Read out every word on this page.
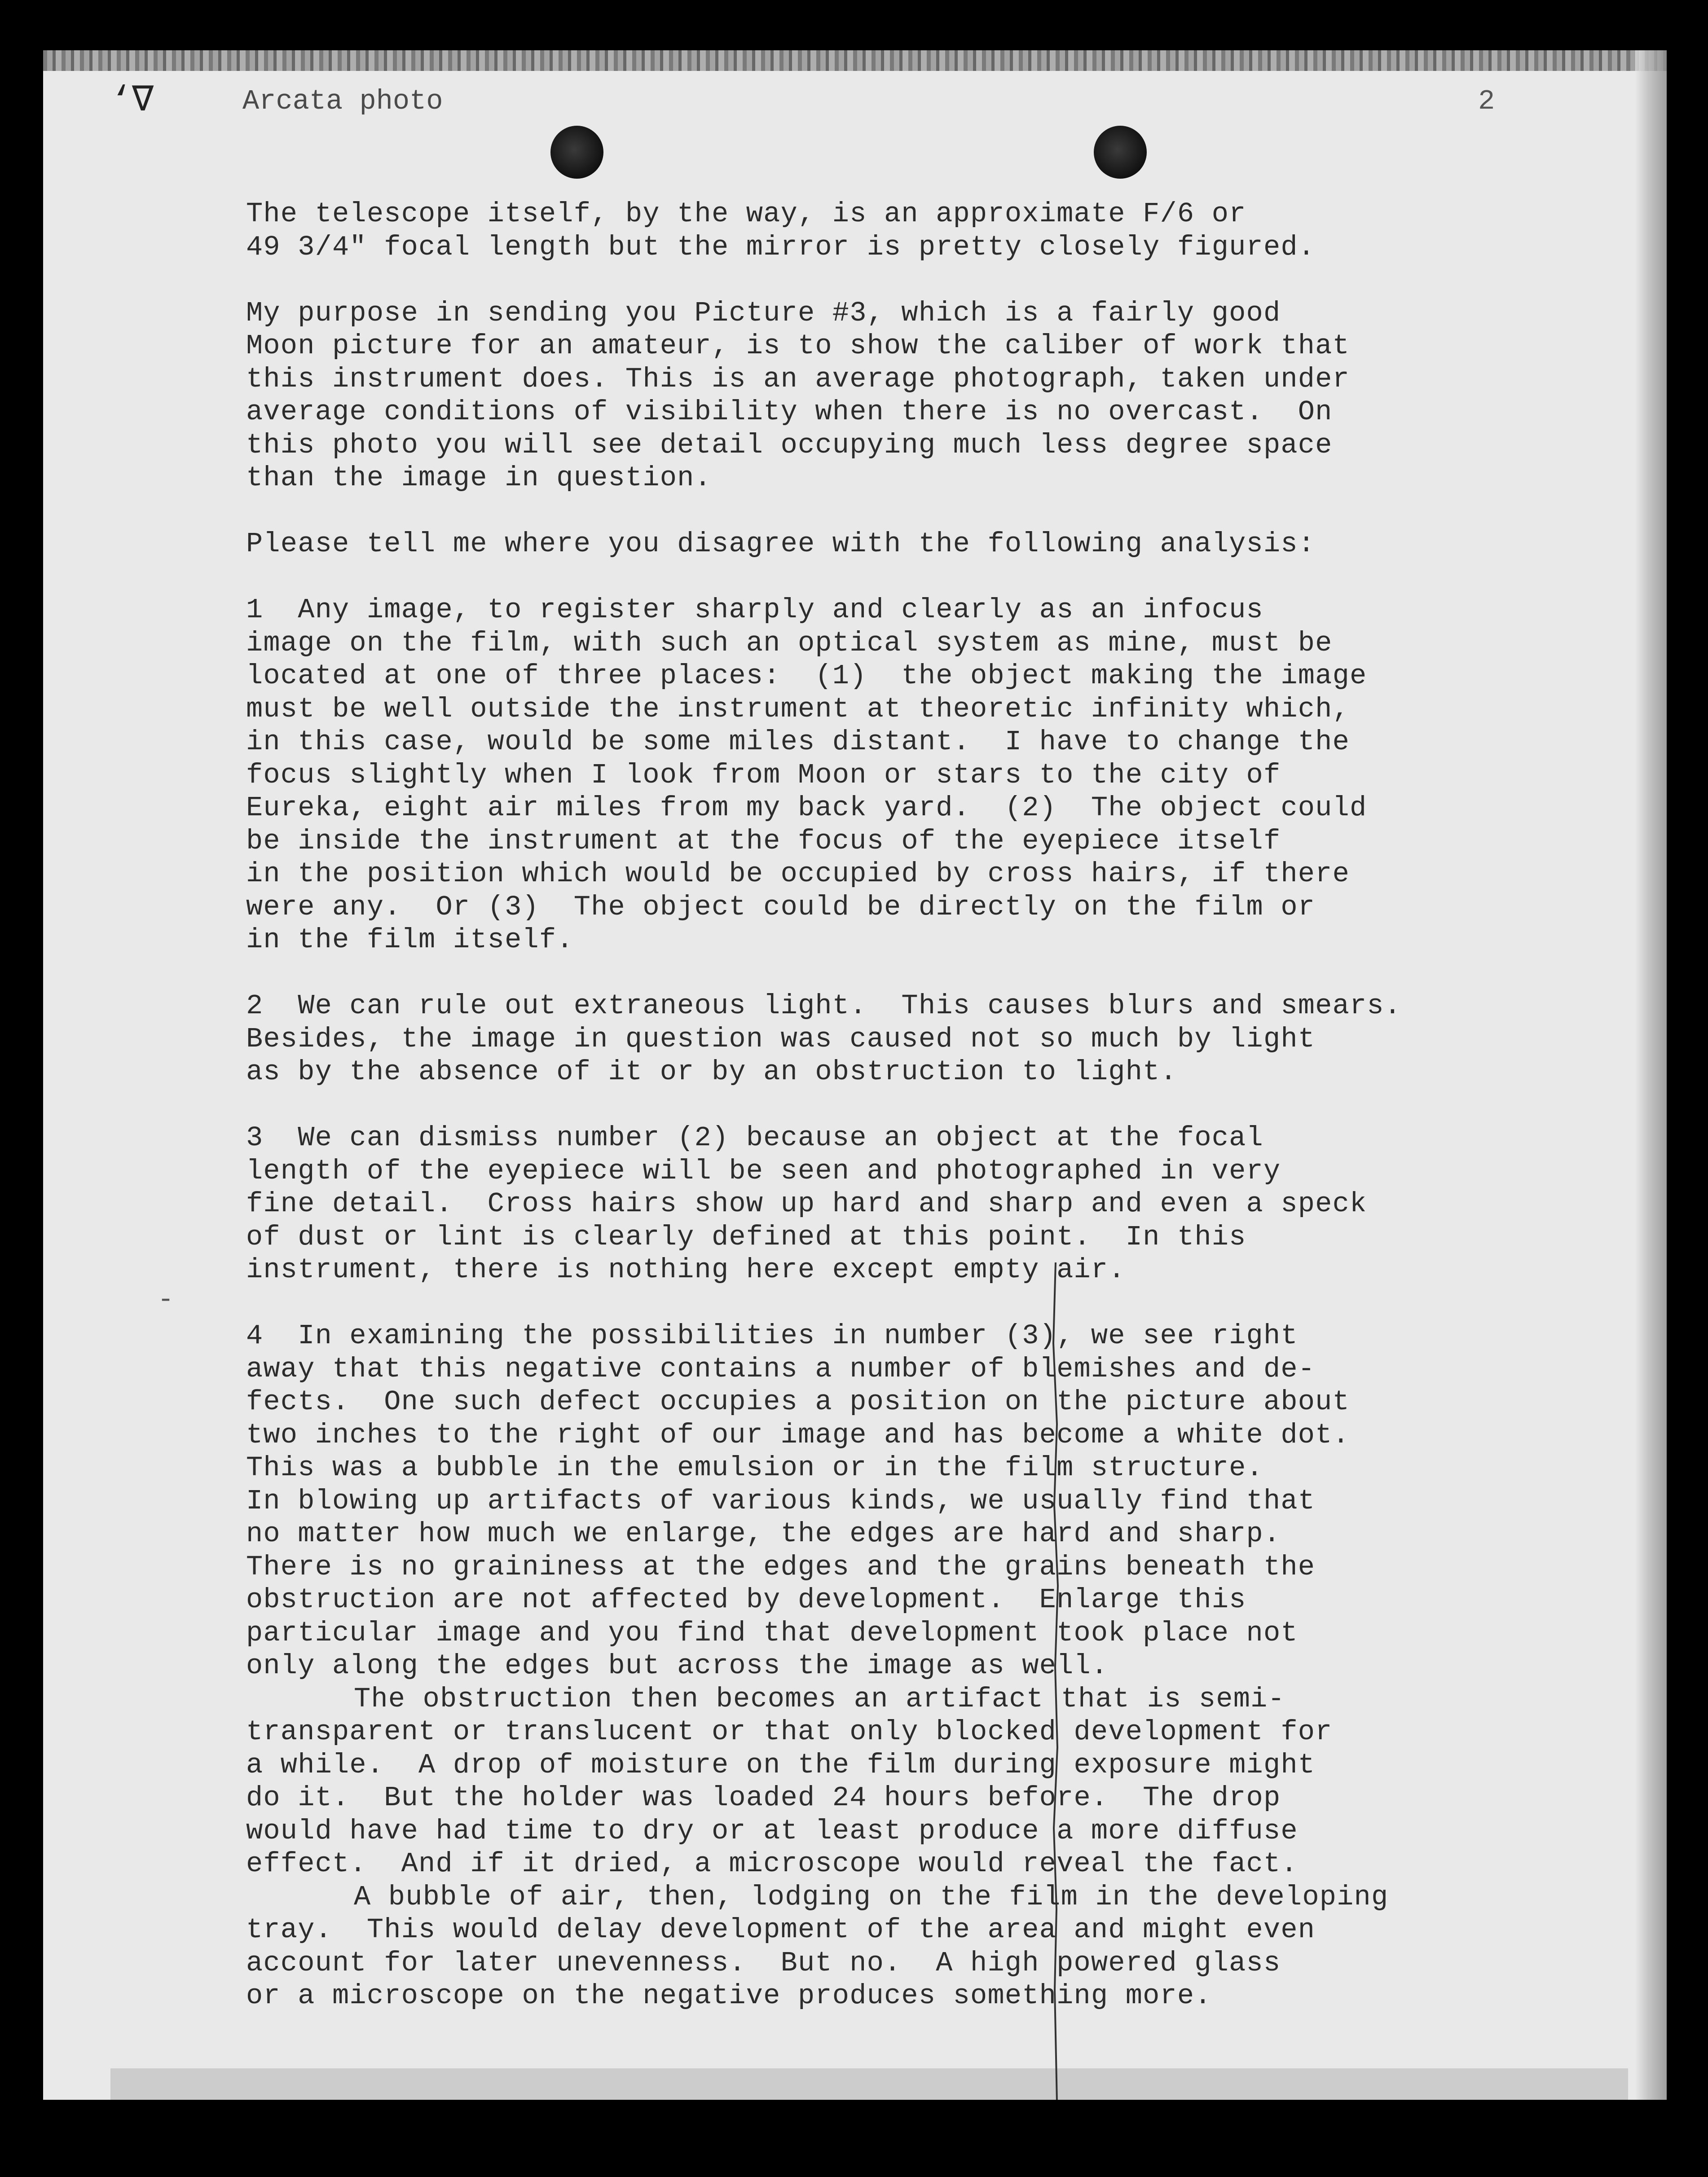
‘∇
-
Arcata photo	2
The telescope itself, by the way, is an approximate F/6 or
49 3/4" focal length but the mirror is pretty closely figured.
My purpose in sending you Picture #3, which is a fairly good
Moon picture for an amateur, is to show the caliber of work that
this instrument does. This is an average photograph, taken under
average conditions of visibility when there is no overcast.  On
this photo you will see detail occupying much less degree space
than the image in question.
Please tell me where you disagree with the following analysis:
1  Any image, to register sharply and clearly as an infocus
image on the film, with such an optical system as mine, must be
located at one of three places:  (1)  the object making the image
must be well outside the instrument at theoretic infinity which,
in this case, would be some miles distant.  I have to change the
focus slightly when I look from Moon or stars to the city of
Eureka, eight air miles from my back yard.  (2)  The object could
be inside the instrument at the focus of the eyepiece itself
in the position which would be occupied by cross hairs, if there
were any.  Or (3)  The object could be directly on the film or
in the film itself.
2  We can rule out extraneous light.  This causes blurs and smears.
Besides, the image in question was caused not so much by light
as by the absence of it or by an obstruction to light.
3  We can dismiss number (2) because an object at the focal
length of the eyepiece will be seen and photographed in very
fine detail.  Cross hairs show up hard and sharp and even a speck
of dust or lint is clearly defined at this point.  In this
instrument, there is nothing here except empty air.
4  In examining the possibilities in number (3), we see right
away that this negative contains a number of blemishes and de-
fects.  One such defect occupies a position on the picture about
two inches to the right of our image and has become a white dot.
This was a bubble in the emulsion or in the film structure.
In blowing up artifacts of various kinds, we usually find that
no matter how much we enlarge, the edges are hard and sharp.
There is no graininess at the edges and the grains beneath the
obstruction are not affected by development.  Enlarge this
particular image and you find that development took place not
only along the edges but across the image as well.
The obstruction then becomes an artifact that is semi-
transparent or translucent or that only blocked development for
a while.  A drop of moisture on the film during exposure might
do it.  But the holder was loaded 24 hours before.  The drop
would have had time to dry or at least produce a more diffuse
effect.  And if it dried, a microscope would reveal the fact.
A bubble of air, then, lodging on the film in the developing
tray.  This would delay development of the area and might even
account for later unevenness.  But no.  A high powered glass
or a microscope on the negative produces something more.
